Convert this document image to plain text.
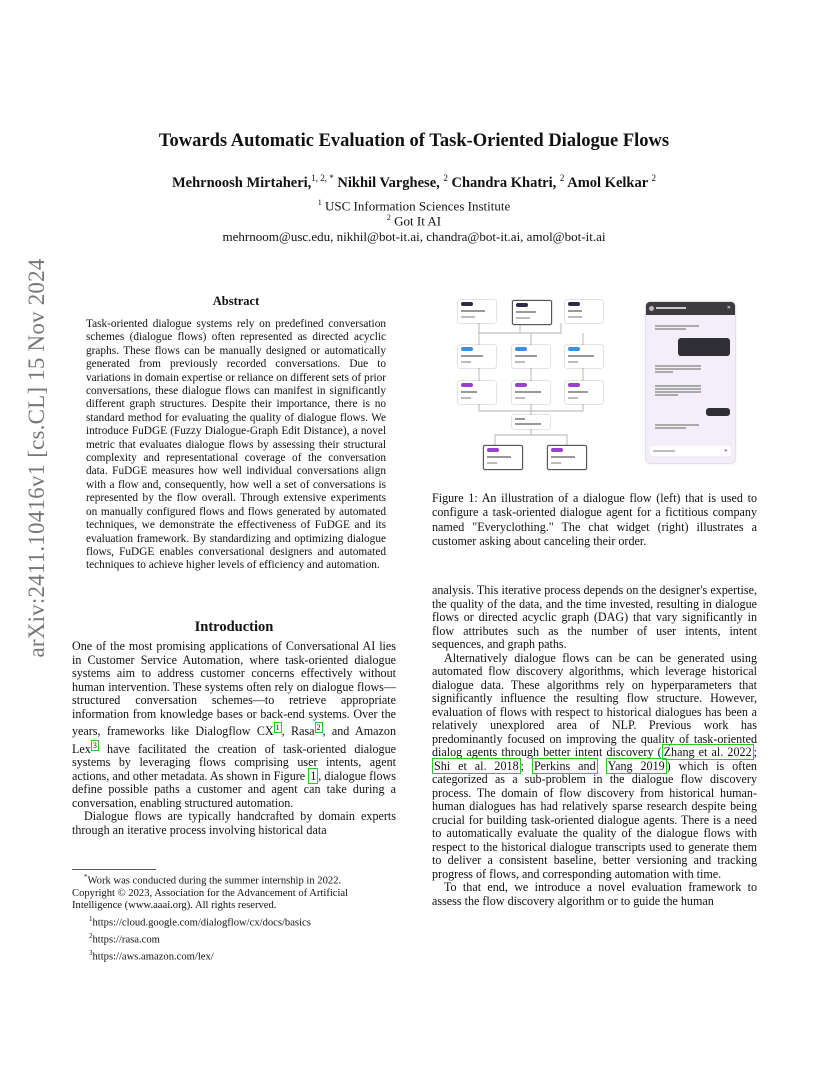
arXiv:2411.10416v1 [cs.CL] 15 Nov 2024
Towards Automatic Evaluation of Task-Oriented Dialogue Flows
Mehrnoosh Mirtaheri,$^{1, 2, *}$ Nikhil Varghese, $^2$ Chandra Khatri, $^2$ Amol Kelkar $^2$
$^1$ USC Information Sciences Institute
$^2$ Got It AI
mehrnoom@usc.edu, nikhil@bot-it.ai, chandra@bot-it.ai, amol@bot-it.ai
Abstract
Task-oriented dialogue systems rely on predefined conversation schemes (dialogue flows) often represented as directed acyclic graphs. These flows can be manually designed or automatically generated from previously recorded conversations. Due to variations in domain expertise or reliance on different sets of prior conversations, these dialogue flows can manifest in significantly different graph structures. Despite their importance, there is no standard method for evaluating the quality of dialogue flows. We introduce FuDGE (Fuzzy Dialogue-Graph Edit Distance), a novel metric that evaluates dialogue flows by assessing their structural complexity and representational coverage of the conversation data. FuDGE measures how well individual conversations align with a flow and, consequently, how well a set of conversations is represented by the flow overall. Through extensive experiments on manually configured flows and flows generated by automated techniques, we demonstrate the effectiveness of FuDGE and its evaluation framework. By standardizing and optimizing dialogue flows, FuDGE enables conversational designers and automated techniques to achieve higher levels of efficiency and automation.
Introduction

One of the most promising applications of Conversational AI lies in Customer Service Automation, where task-oriented dialogue systems aim to address customer concerns effectively without human intervention. These systems often rely on dialogue flows—structured conversation schemes—to retrieve appropriate information from knowledge bases or back-end systems. Over the years, frameworks like Dialogflow CX $^1$ , Rasa $^2$ , and Amazon Lex $^3$ have facilitated the creation of task-oriented dialogue systems by leveraging flows comprising user intents, agent actions, and other metadata. As shown in Figure 1 , dialogue flows define possible paths a customer and agent can take during a conversation, enabling structured automation.

Dialogue flows are typically handcrafted by domain experts through an iterative process involving historical data

*Work was conducted during the summer internship in 2022.
Copyright © 2023, Association for the Advancement of Artificial Intelligence (www.aaai.org). All rights reserved.
$^1$https://cloud.google.com/dialogflow/cx/docs/basics
$^2$https://rasa.com
$^3$https://aws.amazon.com/lex/
✕
➤
Figure 1: An illustration of a dialogue flow (left) that is used to configure a task-oriented dialogue agent for a fictitious company named "Everyclothing." The chat widget (right) illustrates a customer asking about canceling their order.

analysis. This iterative process depends on the designer's expertise, the quality of the data, and the time invested, resulting in dialogue flows or directed acyclic graph (DAG) that vary significantly in flow attributes such as the number of user intents, intent sequences, and graph paths.

Alternatively dialogue flows can be can be generated using automated flow discovery algorithms, which leverage historical dialogue data. These algorithms rely on hyperparameters that significantly influence the resulting flow structure. However, evaluation of flows with respect to historical dialogues has been a relatively unexplored area of NLP. Previous work has predominantly focused on improving the quality of task-oriented dialog agents through better intent discovery ( Zhang et al. 2022 ; Shi et al. 2018 ; Perkins and Yang 2019 ) which is often categorized as a sub-problem in the dialogue flow discovery process. The domain of flow discovery from historical human-human dialogues has had relatively sparse research despite being crucial for building task-oriented dialogue agents. There is a need to automatically evaluate the quality of the dialogue flows with respect to the historical dialogue transcripts used to generate them to deliver a consistent baseline, better versioning and tracking progress of flows, and corresponding automation with time.

To that end, we introduce a novel evaluation framework to assess the flow discovery algorithm or to guide the human
